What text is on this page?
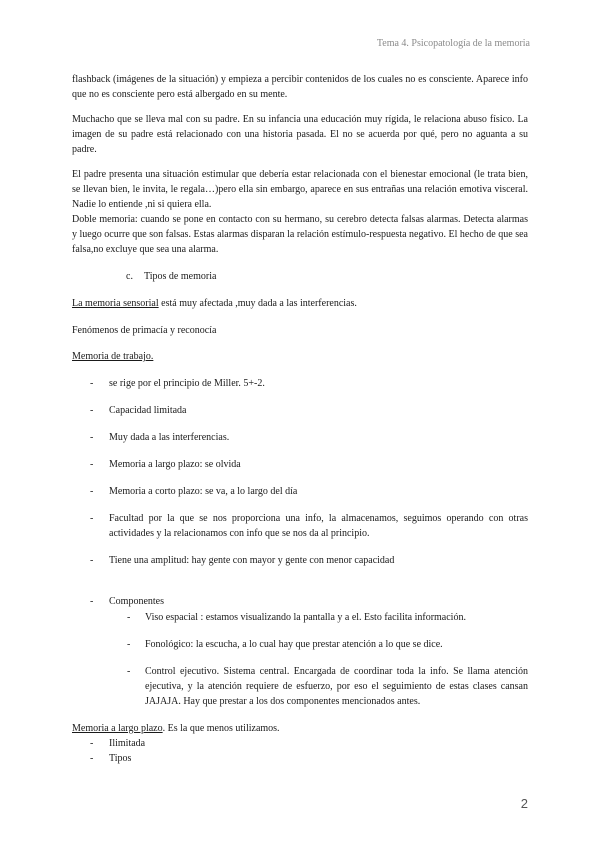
Tema 4. Psicopatología de la memoria

flashback (imágenes de la situación) y empieza a percibir contenidos de los cuales no es consciente. Aparece info que no es consciente pero está albergado en su mente.

Muchacho que se lleva mal con su padre. En su infancia una educación muy rígida, le relaciona abuso físico. La imagen de su padre está relacionado con una historia pasada. El no se acuerda por qué, pero no aguanta a su padre.

El padre presenta una situación estimular que debería estar relacionada con el bienestar emocional (le trata bien, se llevan bien, le invita, le regala…)pero ella sin embargo, aparece en sus entrañas una relación emotiva visceral. Nadie lo entiende ,ni si quiera ella.

Doble memoria: cuando se pone en contacto con su hermano, su cerebro detecta falsas alarmas. Detecta alarmas y luego ocurre que son falsas. Estas alarmas disparan la relación estímulo-respuesta negativo. El hecho de que sea falsa,no excluye que sea una alarma.

c. Tipos de memoria

La memoria sensorial está muy afectada ,muy dada a las interferencias.

Fenómenos de primacía y reconocía

Memoria de trabajo.

-	se rige por el principio de Miller. 5+-2.
-	Capacidad limitada
-	Muy dada a las interferencias.
-	Memoria a largo plazo: se olvida
-	Memoria a corto plazo: se va, a lo largo del día
-	Facultad por la que se nos proporciona una info, la almacenamos, seguimos operando con otras actividades y la relacionamos con info que se nos da al principio.
-	Tiene una amplitud: hay gente con mayor y gente con menor capacidad
-	Componentes
-	Viso espacial : estamos visualizando la pantalla y a el. Esto facilita información.
-	Fonológico: la escucha, a lo cual hay que prestar atención a lo que se dice.
-	Control ejecutivo. Sistema central. Encargada de coordinar toda la info. Se llama atención ejecutiva, y la atención requiere de esfuerzo, por eso el seguimiento de estas clases cansan JAJAJA. Hay que prestar a los dos componentes mencionados antes.

Memoria a largo plazo. Es la que menos utilizamos.

-	Ilimitada
-	Tipos
2
